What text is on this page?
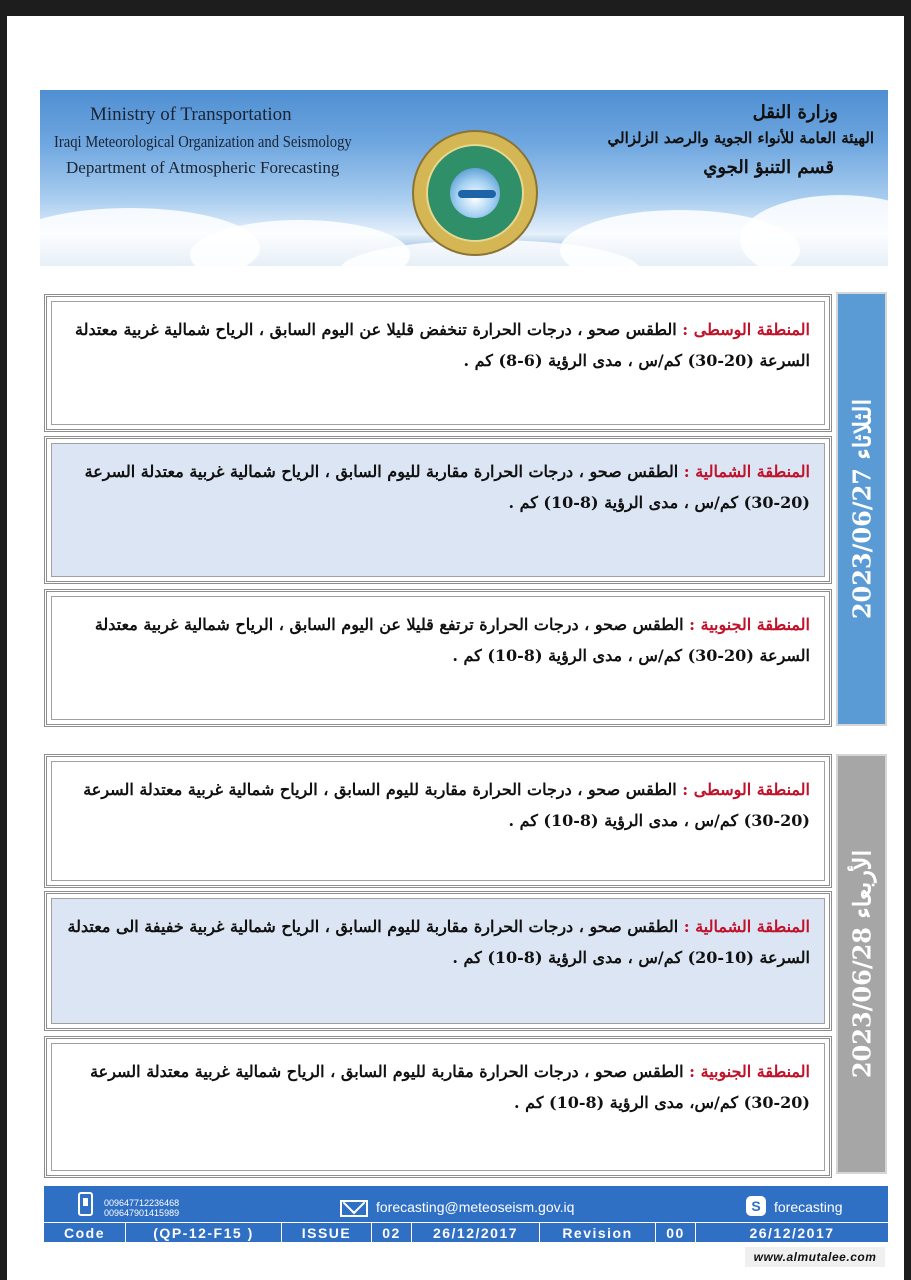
Ministry of Transportation
Iraqi Meteorological Organization and Seismology
Department of Atmospheric Forecasting
وزارة النقل
الهيئة العامة للأنواء الجوية والرصد الزلزالي
قسم التنبؤ الجوي
المنطقة الوسطى : الطقس صحو ، درجات الحرارة تنخفض قليلا عن اليوم السابق ، الرياح شمالية غربية معتدلة السرعة (20-30) كم/س ، مدى الرؤية (6-8) كم .
المنطقة الشمالية : الطقس صحو ، درجات الحرارة مقاربة لليوم السابق ، الرياح شمالية غربية معتدلة السرعة (20-30) كم/س ، مدى الرؤية (8-10) كم .
المنطقة الجنوبية : الطقس صحو ، درجات الحرارة ترتفع قليلا عن اليوم السابق ، الرياح شمالية غربية معتدلة السرعة (20-30) كم/س ، مدى الرؤية (8-10) كم .
الثلاثاء 2023/06/27
المنطقة الوسطى : الطقس صحو ، درجات الحرارة مقاربة لليوم السابق ، الرياح شمالية غربية معتدلة السرعة (20-30) كم/س ، مدى الرؤية (8-10) كم .
المنطقة الشمالية : الطقس صحو ، درجات الحرارة مقاربة لليوم السابق ، الرياح شمالية غربية خفيفة الى معتدلة السرعة (10-20) كم/س ، مدى الرؤية (8-10) كم .
المنطقة الجنوبية : الطقس صحو ، درجات الحرارة مقاربة لليوم السابق ، الرياح شمالية غربية معتدلة السرعة (20-30) كم/س، مدى الرؤية (8-10) كم .
الأربعاء 2023/06/28
009647712236468
009647901415989	forecasting@meteoseism.gov.iq	S forecasting
Code	(QP-12-F15 )	ISSUE	02	26/12/2017	Revision	00	26/12/2017
www.almutalee.com
